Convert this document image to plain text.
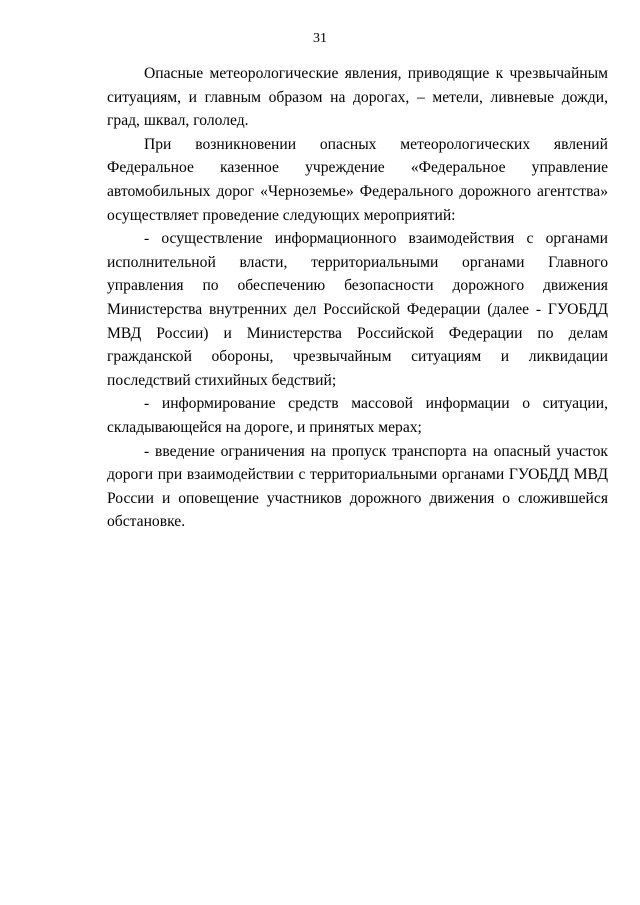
31

Опасные метеорологические явления, приводящие к чрезвычайным ситуациям, и главным образом на дорогах, – метели, ливневые дожди, град, шквал, гололед.

При возникновении опасных метеорологических явлений Федеральное казенное учреждение «Федеральное управление автомобильных дорог «Черноземье» Федерального дорожного агентства» осуществляет проведение следующих мероприятий:

- осуществление информационного взаимодействия с органами исполнительной власти, территориальными органами Главного управления по обеспечению безопасности дорожного движения Министерства внутренних дел Российской Федерации (далее - ГУОБДД МВД России) и Министерства Российской Федерации по делам гражданской обороны, чрезвычайным ситуациям и ликвидации последствий стихийных бедствий;

- информирование средств массовой информации о ситуации, складывающейся на дороге, и принятых мерах;

- введение ограничения на пропуск транспорта на опасный участок дороги при взаимодействии с территориальными органами ГУОБДД МВД России и оповещение участников дорожного движения о сложившейся обстановке.
